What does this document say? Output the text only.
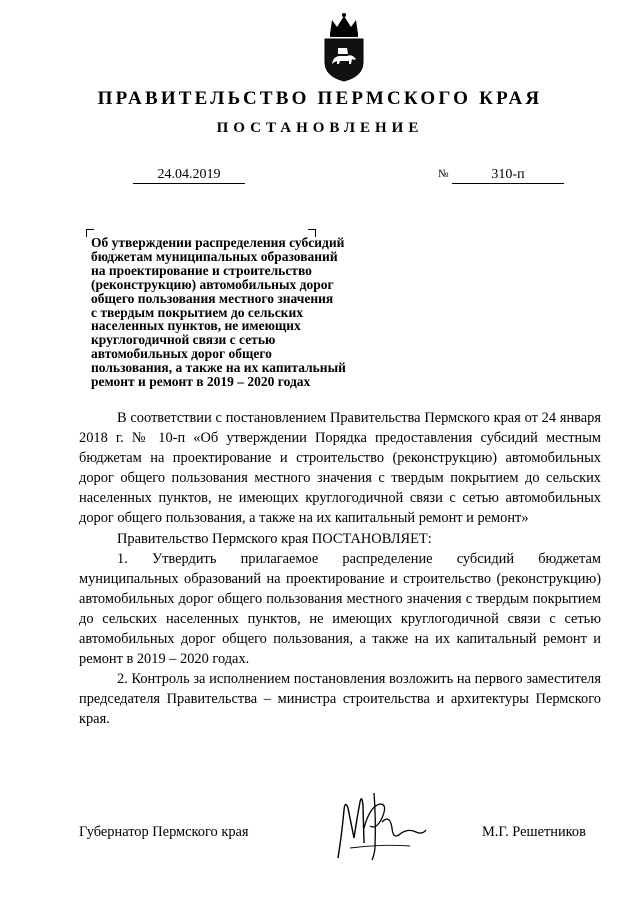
ПРАВИТЕЛЬСТВО ПЕРМСКОГО КРАЯ
ПОСТАНОВЛЕНИЕ
24.04.2019	№	310-п
Об утверждении распределения субсидий
бюджетам муниципальных образований
на проектирование и строительство
(реконструкцию) автомобильных дорог
общего пользования местного значения
с твердым покрытием до сельских
населенных пунктов, не имеющих
круглогодичной связи с сетью
автомобильных дорог общего
пользования, а также на их капитальный
ремонт и ремонт в 2019 – 2020 годах

В соответствии с постановлением Правительства Пермского края от 24 января 2018 г. № 10-п «Об утверждении Порядка предоставления субсидий местным бюджетам на проектирование и строительство (реконструкцию) автомобильных дорог общего пользования местного значения с твердым покрытием до сельских населенных пунктов, не имеющих круглогодичной связи с сетью автомобильных дорог общего пользования, а также на их капитальный ремонт и ремонт»

Правительство Пермского края ПОСТАНОВЛЯЕТ:

1. Утвердить прилагаемое распределение субсидий бюджетам муниципальных образований на проектирование и строительство (реконструкцию) автомобильных дорог общего пользования местного значения с твердым покрытием до сельских населенных пунктов, не имеющих круглогодичной связи с сетью автомобильных дорог общего пользования, а также на их капитальный ремонт и ремонт в 2019 – 2020 годах.

2. Контроль за исполнением постановления возложить на первого заместителя председателя Правительства – министра строительства и архитектуры Пермского края.

Губернатор Пермского края	М.Г. Решетников
